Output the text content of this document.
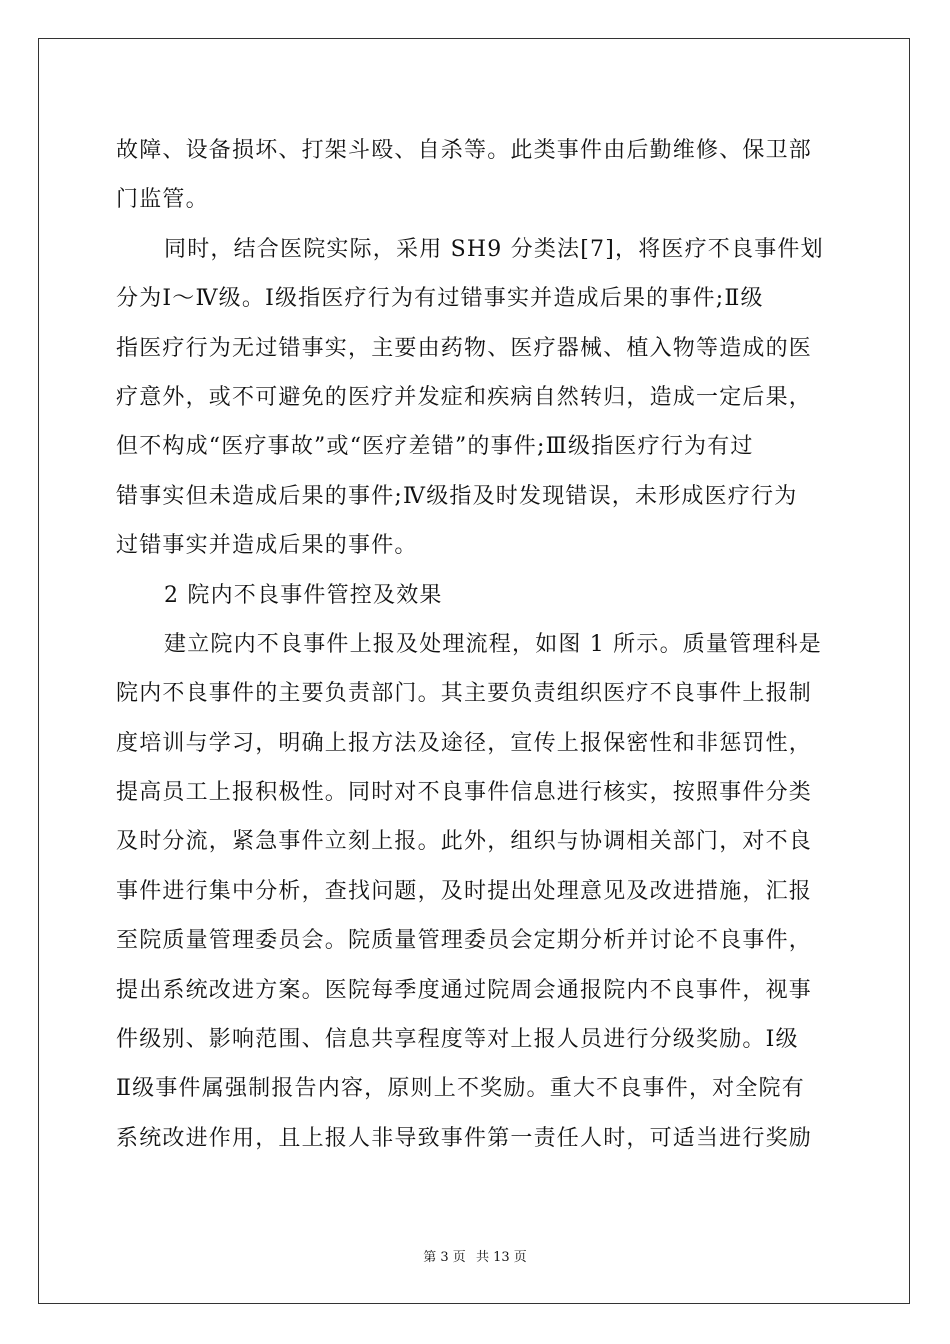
故障、设备损坏、打架斗殴、自杀等。此类事件由后勤维修、保卫部
门监管。
同时，结合医院实际，采用 SH9 分类法[7]，将医疗不良事件划
分为Ⅰ～Ⅳ级。Ⅰ级指医疗行为有过错事实并造成后果的事件;Ⅱ级
指医疗行为无过错事实，主要由药物、医疗器械、植入物等造成的医
疗意外，或不可避免的医疗并发症和疾病自然转归，造成一定后果，
但不构成“医疗事故”或“医疗差错”的事件;Ⅲ级指医疗行为有过
错事实但未造成后果的事件;Ⅳ级指及时发现错误，未形成医疗行为
过错事实并造成后果的事件。
2 院内不良事件管控及效果
建立院内不良事件上报及处理流程，如图 1 所示。质量管理科是
院内不良事件的主要负责部门。其主要负责组织医疗不良事件上报制
度培训与学习，明确上报方法及途径，宣传上报保密性和非惩罚性，
提高员工上报积极性。同时对不良事件信息进行核实，按照事件分类
及时分流，紧急事件立刻上报。此外，组织与协调相关部门，对不良
事件进行集中分析，查找问题，及时提出处理意见及改进措施，汇报
至院质量管理委员会。院质量管理委员会定期分析并讨论不良事件，
提出系统改进方案。医院每季度通过院周会通报院内不良事件，视事
件级别、影响范围、信息共享程度等对上报人员进行分级奖励。Ⅰ级
Ⅱ级事件属强制报告内容，原则上不奖励。重大不良事件，对全院有
系统改进作用，且上报人非导致事件第一责任人时，可适当进行奖励
第 3 页 共 13 页
